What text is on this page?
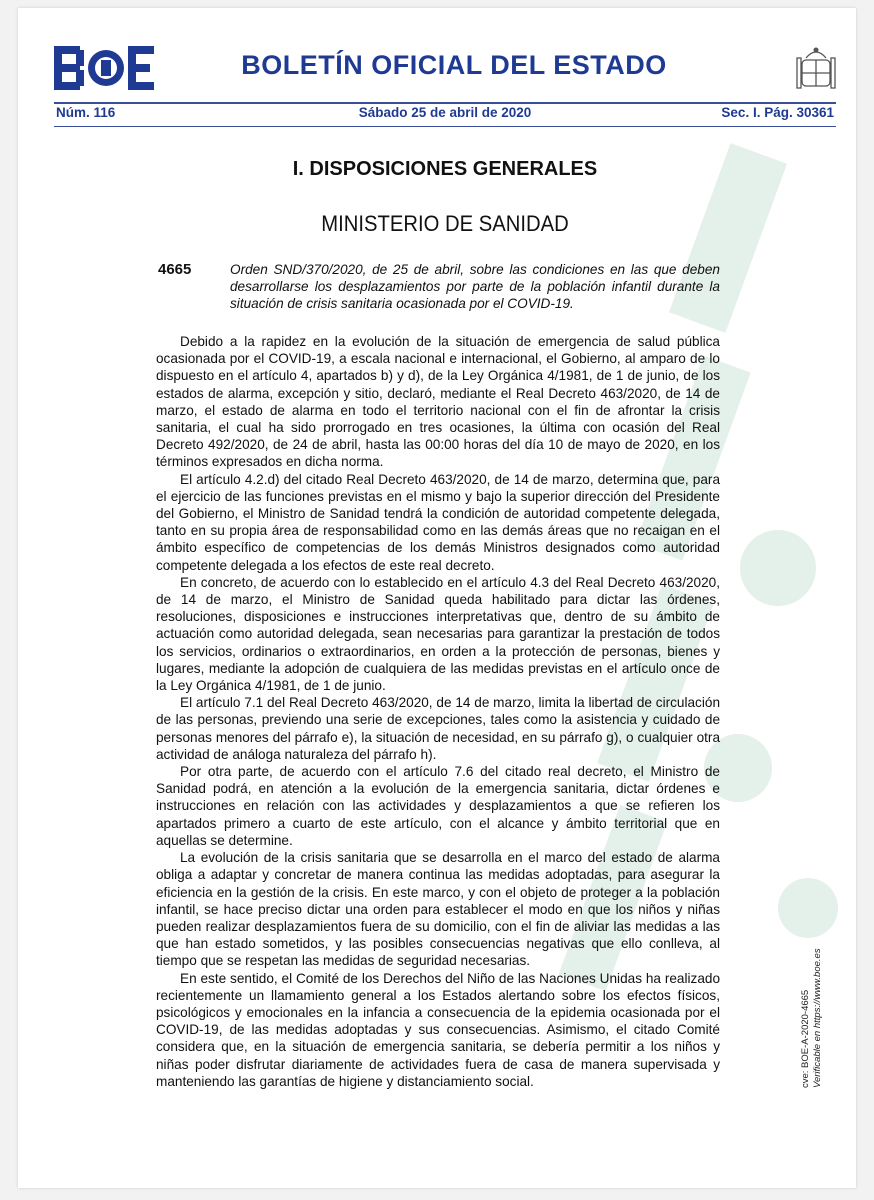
BOLETÍN OFICIAL DEL ESTADO
Núm. 116	Sábado 25 de abril de 2020	Sec. I. Pág. 30361
I. DISPOSICIONES GENERALES
MINISTERIO DE SANIDAD
4665	Orden SND/370/2020, de 25 de abril, sobre las condiciones en las que deben desarrollarse los desplazamientos por parte de la población infantil durante la situación de crisis sanitaria ocasionada por el COVID-19.

Debido a la rapidez en la evolución de la situación de emergencia de salud pública ocasionada por el COVID-19, a escala nacional e internacional, el Gobierno, al amparo de lo dispuesto en el artículo 4, apartados b) y d), de la Ley Orgánica 4/1981, de 1 de junio, de los estados de alarma, excepción y sitio, declaró, mediante el Real Decreto 463/2020, de 14 de marzo, el estado de alarma en todo el territorio nacional con el fin de afrontar la crisis sanitaria, el cual ha sido prorrogado en tres ocasiones, la última con ocasión del Real Decreto 492/2020, de 24 de abril, hasta las 00:00 horas del día 10 de mayo de 2020, en los términos expresados en dicha norma.

El artículo 4.2.d) del citado Real Decreto 463/2020, de 14 de marzo, determina que, para el ejercicio de las funciones previstas en el mismo y bajo la superior dirección del Presidente del Gobierno, el Ministro de Sanidad tendrá la condición de autoridad competente delegada, tanto en su propia área de responsabilidad como en las demás áreas que no recaigan en el ámbito específico de competencias de los demás Ministros designados como autoridad competente delegada a los efectos de este real decreto.

En concreto, de acuerdo con lo establecido en el artículo 4.3 del Real Decreto 463/2020, de 14 de marzo, el Ministro de Sanidad queda habilitado para dictar las órdenes, resoluciones, disposiciones e instrucciones interpretativas que, dentro de su ámbito de actuación como autoridad delegada, sean necesarias para garantizar la prestación de todos los servicios, ordinarios o extraordinarios, en orden a la protección de personas, bienes y lugares, mediante la adopción de cualquiera de las medidas previstas en el artículo once de la Ley Orgánica 4/1981, de 1 de junio.

El artículo 7.1 del Real Decreto 463/2020, de 14 de marzo, limita la libertad de circulación de las personas, previendo una serie de excepciones, tales como la asistencia y cuidado de personas menores del párrafo e), la situación de necesidad, en su párrafo g), o cualquier otra actividad de análoga naturaleza del párrafo h).

Por otra parte, de acuerdo con el artículo 7.6 del citado real decreto, el Ministro de Sanidad podrá, en atención a la evolución de la emergencia sanitaria, dictar órdenes e instrucciones en relación con las actividades y desplazamientos a que se refieren los apartados primero a cuarto de este artículo, con el alcance y ámbito territorial que en aquellas se determine.

La evolución de la crisis sanitaria que se desarrolla en el marco del estado de alarma obliga a adaptar y concretar de manera continua las medidas adoptadas, para asegurar la eficiencia en la gestión de la crisis. En este marco, y con el objeto de proteger a la población infantil, se hace preciso dictar una orden para establecer el modo en que los niños y niñas pueden realizar desplazamientos fuera de su domicilio, con el fin de aliviar las medidas a las que han estado sometidos, y las posibles consecuencias negativas que ello conlleva, al tiempo que se respetan las medidas de seguridad necesarias.

En este sentido, el Comité de los Derechos del Niño de las Naciones Unidas ha realizado recientemente un llamamiento general a los Estados alertando sobre los efectos físicos, psicológicos y emocionales en la infancia a consecuencia de la epidemia ocasionada por el COVID-19, de las medidas adoptadas y sus consecuencias. Asimismo, el citado Comité considera que, en la situación de emergencia sanitaria, se debería permitir a los niños y niñas poder disfrutar diariamente de actividades fuera de casa de manera supervisada y manteniendo las garantías de higiene y distanciamiento social.	cve: BOE-A-2020-4665 Verificable en https://www.boe.es
